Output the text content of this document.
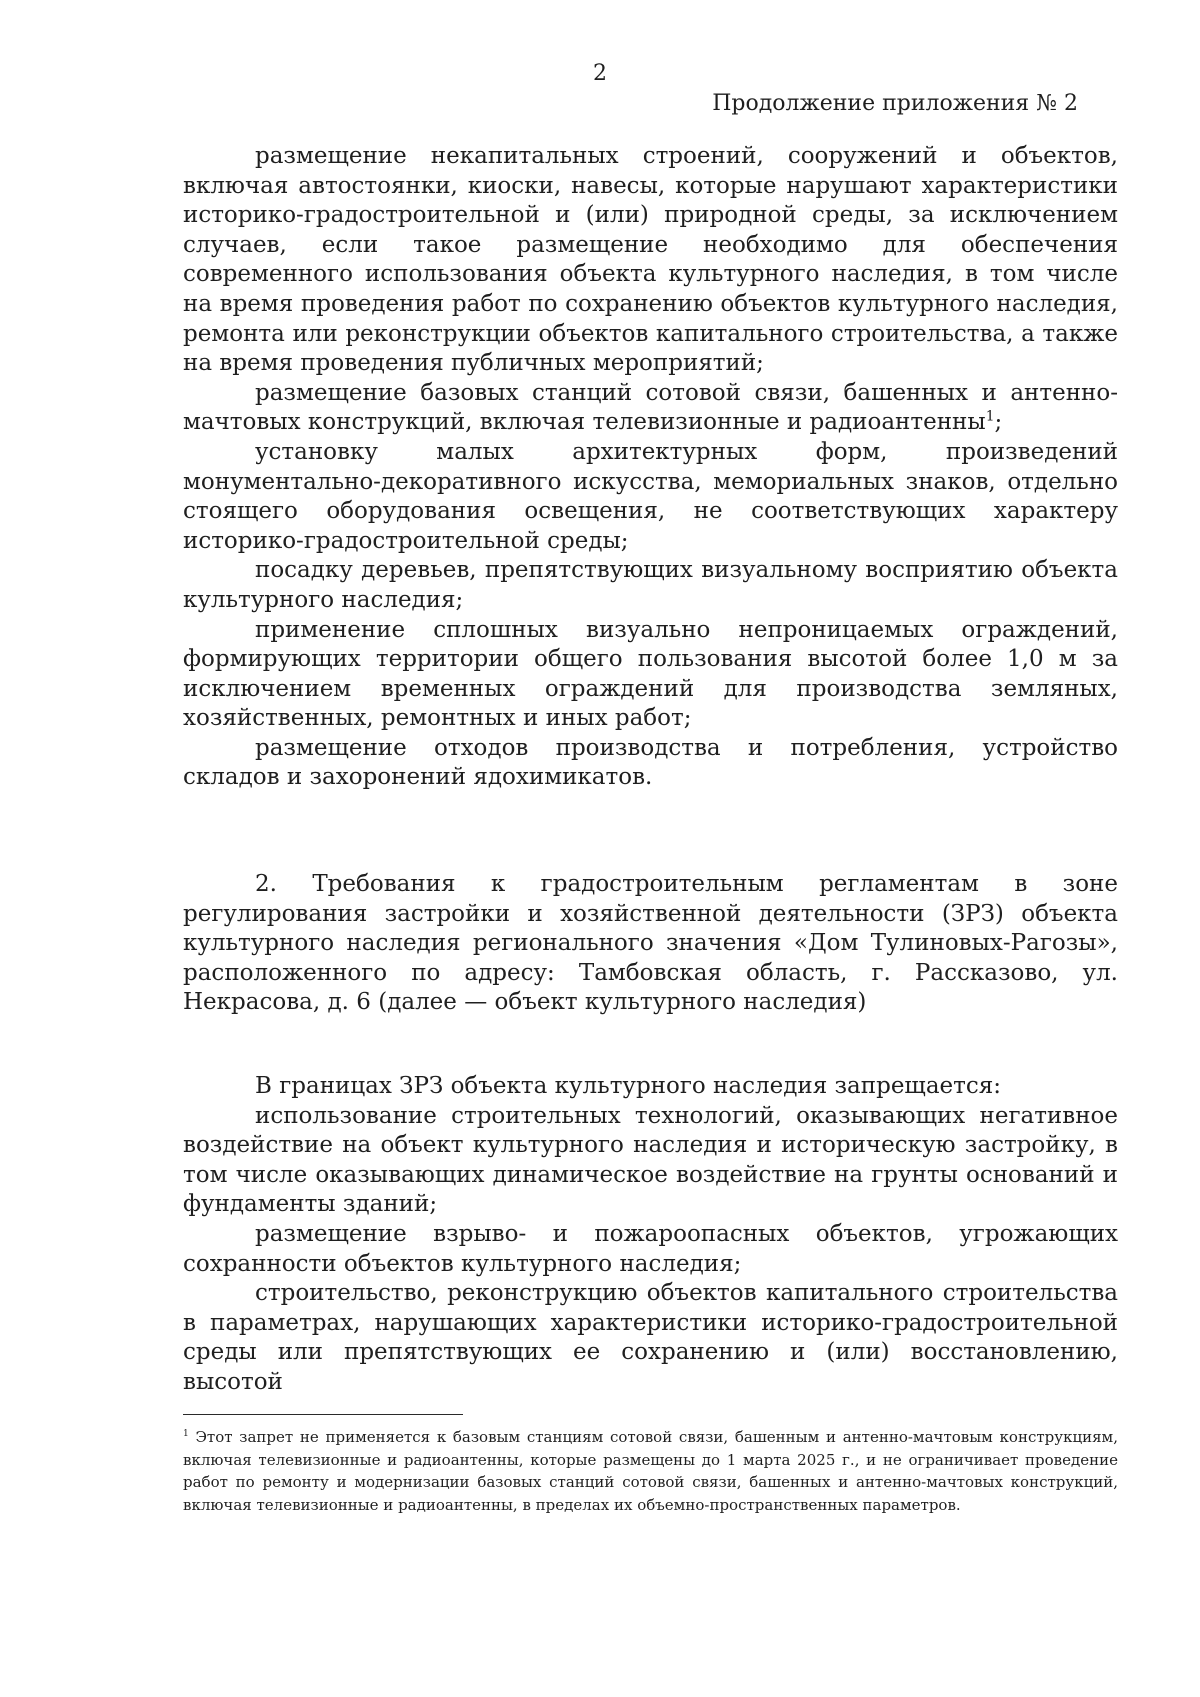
2
Продолжение приложения № 2

размещение некапитальных строений, сооружений и объектов, включая автостоянки, киоски, навесы, которые нарушают характеристики историко-градостроительной и (или) природной среды, за исключением случаев, если такое размещение необходимо для обеспечения современного использования объекта культурного наследия, в том числе на время проведения работ по сохранению объектов культурного наследия, ремонта или реконструкции объектов капитального строительства, а также на время проведения публичных мероприятий;

размещение базовых станций сотовой связи, башенных и антенно-мачтовых конструкций, включая телевизионные и радиоантенны$^1$;

установку малых архитектурных форм, произведений монументально-декоративного искусства, мемориальных знаков, отдельно стоящего оборудования освещения, не соответствующих характеру историко-градостроительной среды;

посадку деревьев, препятствующих визуальному восприятию объекта культурного наследия;

применение сплошных визуально непроницаемых ограждений, формирующих территории общего пользования высотой более 1,0 м за исключением временных ограждений для производства земляных, хозяйственных, ремонтных и иных работ;

размещение отходов производства и потребления, устройство складов и захоронений ядохимикатов.

2. Требования к градостроительным регламентам в зоне регулирования застройки и хозяйственной деятельности (ЗРЗ) объекта культурного наследия регионального значения «Дом Тулиновых-Рагозы», расположенного по адресу: Тамбовская область, г. Рассказово, ул. Некрасова, д. 6 (далее — объект культурного наследия)

В границах ЗРЗ объекта культурного наследия запрещается:

использование строительных технологий, оказывающих негативное воздействие на объект культурного наследия и историческую застройку, в том числе оказывающих динамическое воздействие на грунты оснований и фундаменты зданий;

размещение взрыво- и пожароопасных объектов, угрожающих сохранности объектов культурного наследия;

строительство, реконструкцию объектов капитального строительства в параметрах, нарушающих характеристики историко-градостроительной среды или препятствующих ее сохранению и (или) восстановлению, высотой

$^1$ Этот запрет не применяется к базовым станциям сотовой связи, башенным и антенно-мачтовым конструкциям, включая телевизионные и радиоантенны, которые размещены до 1 марта 2025 г., и не ограничивает проведение работ по ремонту и модернизации базовых станций сотовой связи, башенных и антенно-мачтовых конструкций, включая телевизионные и радиоантенны, в пределах их объемно-пространственных параметров.
